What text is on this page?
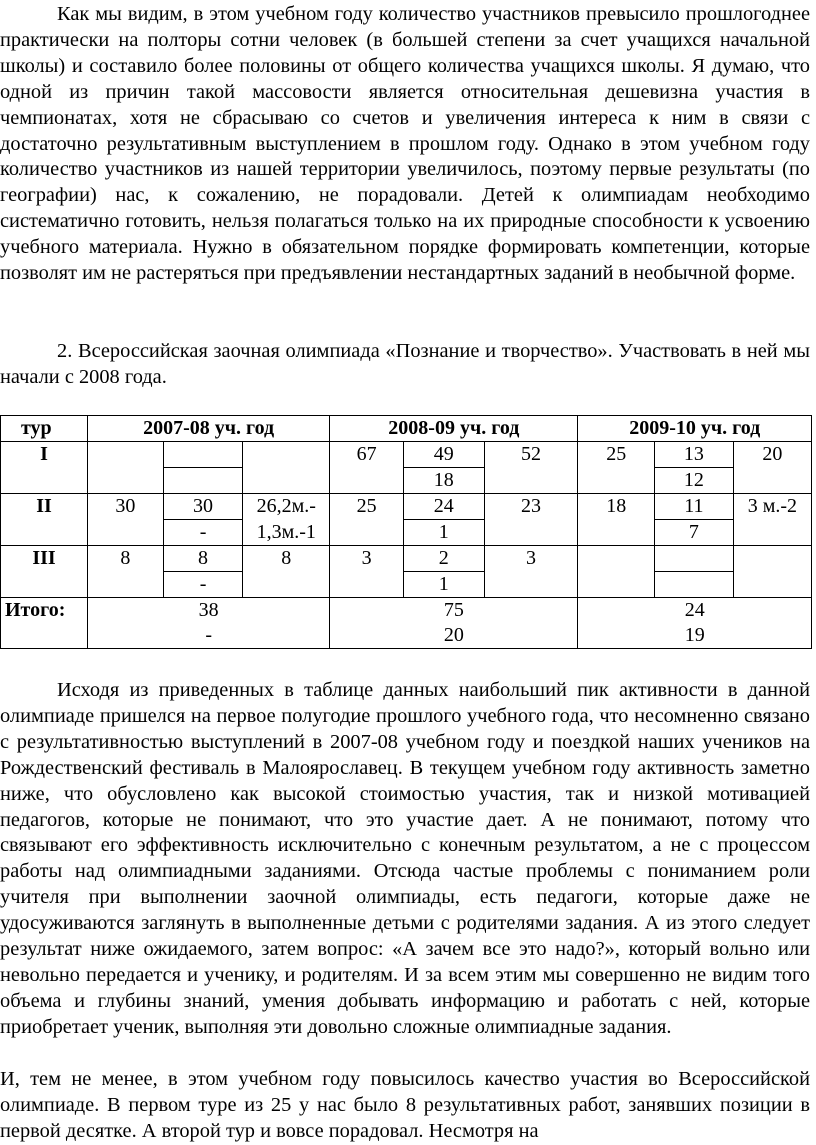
Как мы видим, в этом учебном году количество участников превысило прошлогоднее практически на полторы сотни человек (в большей степени за счет учащихся начальной школы) и составило более половины от общего количества учащихся школы. Я думаю, что одной из причин такой массовости является относительная дешевизна участия в чемпионатах, хотя не сбрасываю со счетов и увеличения интереса к ним в связи с достаточно результативным выступлением в прошлом году. Однако в этом учебном году количество участников из нашей территории увеличилось, поэтому первые результаты (по географии) нас, к сожалению, не порадовали. Детей к олимпиадам необходимо систематично готовить, нельзя полагаться только на их природные способности к усвоению учебного материала. Нужно в обязательном порядке формировать компетенции, которые позволят им не растеряться при предъявлении нестандартных заданий в необычной форме.

2. Всероссийская заочная олимпиада «Познание и творчество». Участвовать в ней мы начали с 2008 года.

тур	2007-08 уч. год			2008-09 уч. год			2009-10 уч. год		
I				67	49	52	25	13	20
					18			12	
II	30	30	26,2м.-	25	24	23	18	11	3 м.-2
		-	1,3м.-1		1			7	
III	8	8	8	3	2	3			
		-			1				
Итого:	38			75			24		
	-			20			19		

Исходя из приведенных в таблице данных наибольший пик активности в данной олимпиаде пришелся на первое полугодие прошлого учебного года, что несомненно связано с результативностью выступлений в 2007-08 учебном году и поездкой наших учеников на Рождественский фестиваль в Малоярославец. В текущем учебном году активность заметно ниже, что обусловлено как высокой стоимостью участия, так и низкой мотивацией педагогов, которые не понимают, что это участие дает. А не понимают, потому что связывают его эффективность исключительно с конечным результатом, а не с процессом работы над олимпиадными заданиями. Отсюда частые проблемы с пониманием роли учителя при выполнении заочной олимпиады, есть педагоги, которые даже не удосуживаются заглянуть в выполненные детьми с родителями задания. А из этого следует результат ниже ожидаемого, затем вопрос: «А зачем все это надо?», который вольно или невольно передается и ученику, и родителям. И за всем этим мы совершенно не видим того объема и глубины знаний, умения добывать информацию и работать с ней, которые приобретает ученик, выполняя эти довольно сложные олимпиадные задания.

И, тем не менее, в этом учебном году повысилось качество участия во Всероссийской олимпиаде. В первом туре из 25 у нас было 8 результативных работ, занявших позиции в первой десятке. А второй тур и вовсе порадовал. Несмотря на
